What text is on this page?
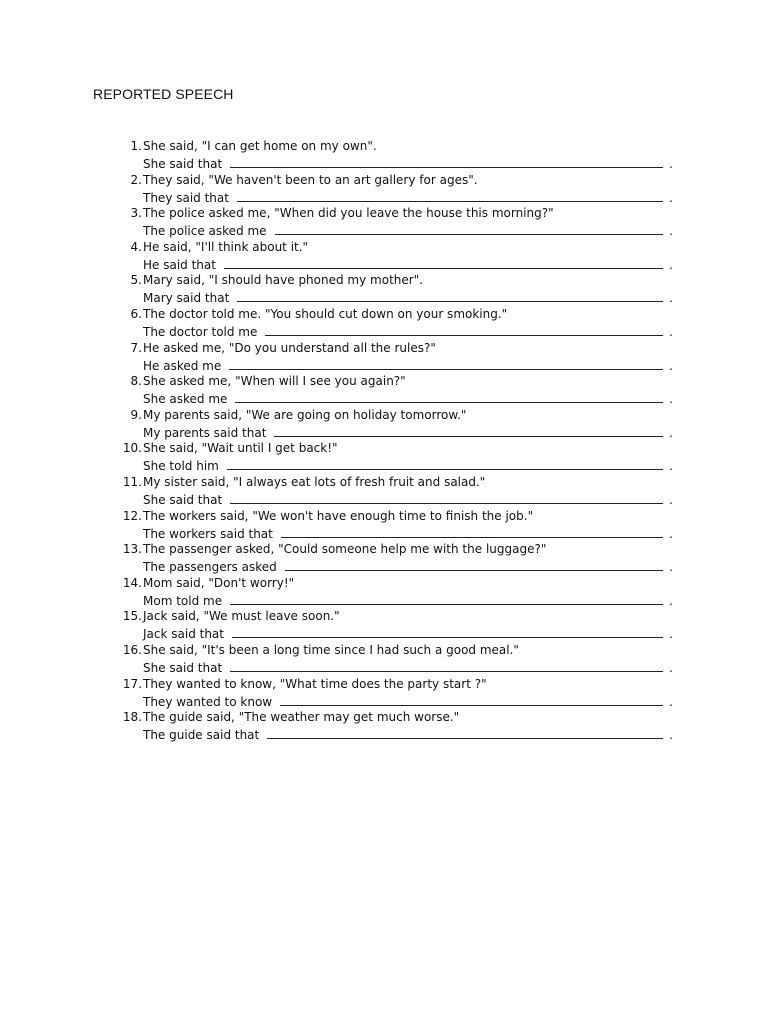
REPORTED SPEECH
1. She said, "I can get home on my own".
She said that	.
2. They said, "We haven't been to an art gallery for ages".
They said that	.
3. The police asked me, "When did you leave the house this morning?"
The police asked me	.
4. He said, "I'll think about it."
He said that	.
5. Mary said, "I should have phoned my mother".
Mary said that	.
6. The doctor told me. "You should cut down on your smoking."
The doctor told me	.
7. He asked me, "Do you understand all the rules?"
He asked me	.
8. She asked me, "When will I see you again?"
She asked me	.
9. My parents said, "We are going on holiday tomorrow."
My parents said that	.
10. She said, "Wait until I get back!"
She told him	.
11. My sister said, "I always eat lots of fresh fruit and salad."
She said that	.
12. The workers said, "We won't have enough time to finish the job."
The workers said that	.
13. The passenger asked, "Could someone help me with the luggage?"
The passengers asked	.
14. Mom said, "Don't worry!"
Mom told me	.
15. Jack said, "We must leave soon."
Jack said that	.
16. She said, "It's been a long time since I had such a good meal."
She said that	.
17. They wanted to know, "What time does the party start ?"
They wanted to know	.
18. The guide said, "The weather may get much worse."
The guide said that	.
